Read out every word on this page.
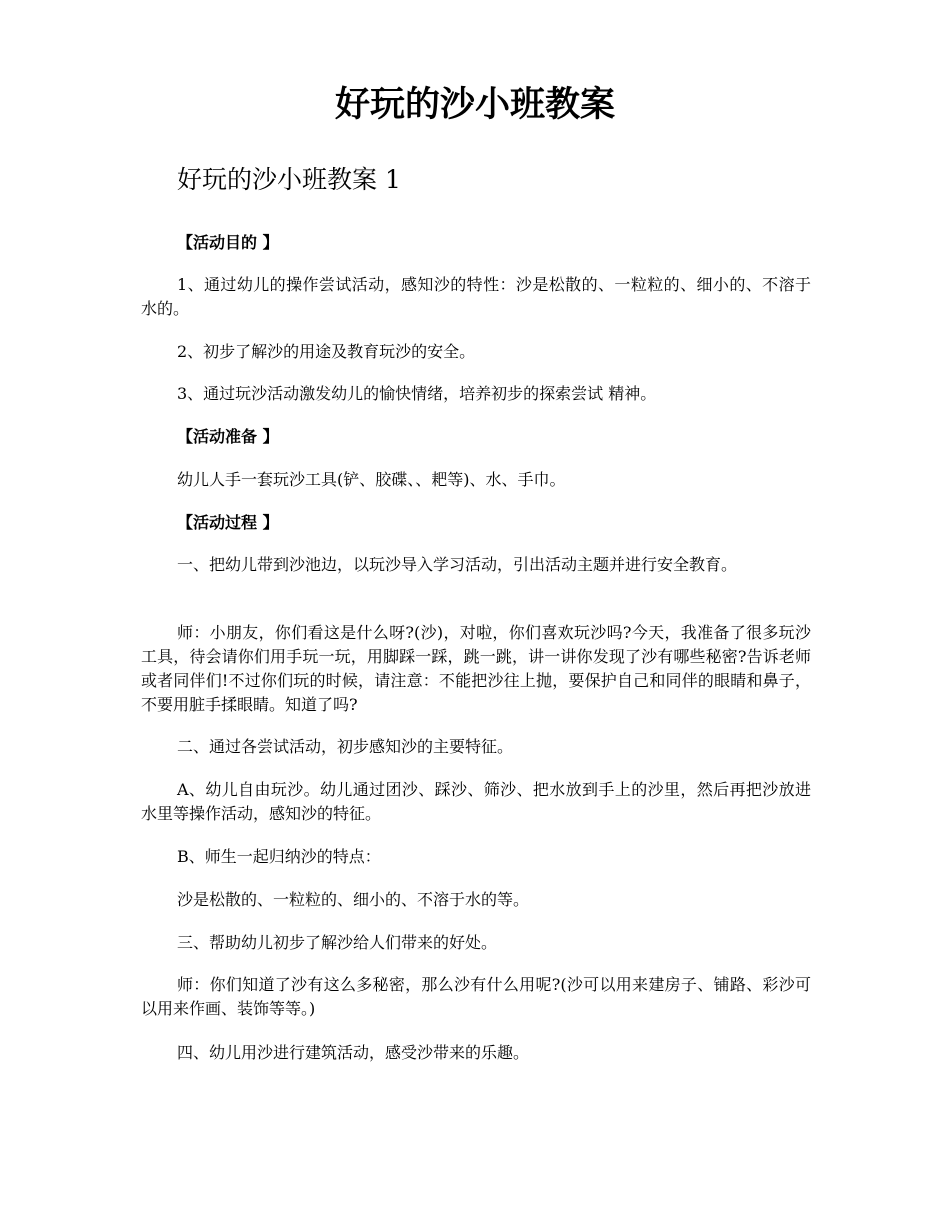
好玩的沙小班教案
好玩的沙小班教案 1

【活动目的 】

1、通过幼儿的操作尝试活动，感知沙的特性：沙是松散的、一粒粒的、细小的、不溶于水的。

2、初步了解沙的用途及教育玩沙的安全。

3、通过玩沙活动激发幼儿的愉快情绪，培养初步的探索尝试 精神。

【活动准备 】

幼儿人手一套玩沙工具(铲、胶碟、、耙等)、水、手巾。

【活动过程 】

一、把幼儿带到沙池边，以玩沙导入学习活动，引出活动主题并进行安全教育。

师：小朋友，你们看这是什么呀?(沙)，对啦，你们喜欢玩沙吗?今天，我准备了很多玩沙工具，待会请你们用手玩一玩，用脚踩一踩，跳一跳，讲一讲你发现了沙有哪些秘密?告诉老师或者同伴们!不过你们玩的时候，请注意：不能把沙往上抛，要保护自己和同伴的眼睛和鼻子，不要用脏手揉眼睛。知道了吗?

二、通过各尝试活动，初步感知沙的主要特征。

A、幼儿自由玩沙。幼儿通过团沙、踩沙、筛沙、把水放到手上的沙里，然后再把沙放进水里等操作活动，感知沙的特征。

B、师生一起归纳沙的特点：

沙是松散的、一粒粒的、细小的、不溶于水的等。

三、帮助幼儿初步了解沙给人们带来的好处。

师：你们知道了沙有这么多秘密，那么沙有什么用呢?(沙可以用来建房子、铺路、彩沙可以用来作画、装饰等等。)

四、幼儿用沙进行建筑活动，感受沙带来的乐趣。
